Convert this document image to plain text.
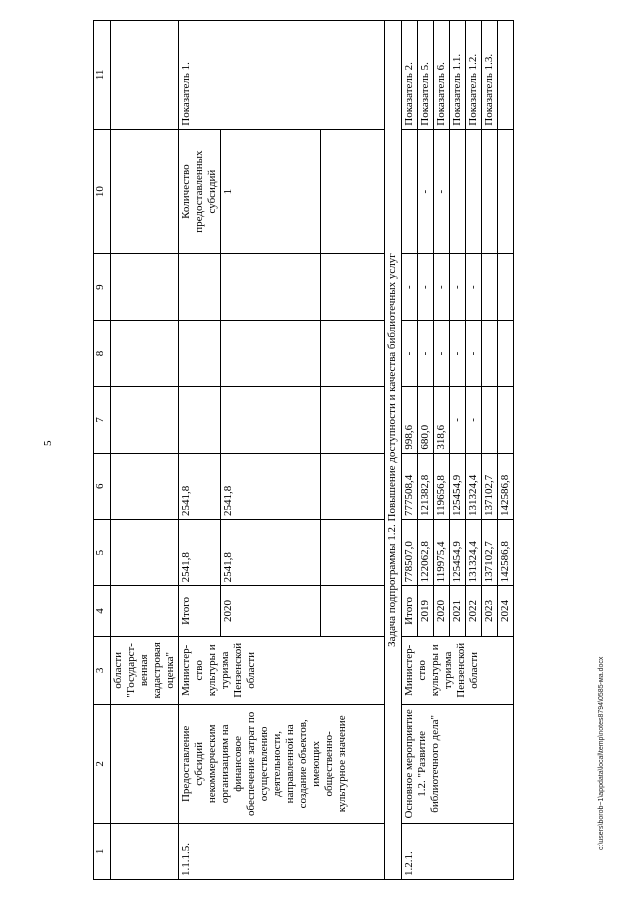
5
1	2	3	4	5	6	7	8	9	10	11
		области "Государст-венная кадастровая оценка"								
1.1.1.5.	Предоставление субсидий некоммерческим организациям на финансовое обеспечение затрат по осуществлению деятельности, направленной на создание объектов, имеющих общественно-культурное значение	Министер-ство культуры и туризма Пензенской области	Итого	2541,8	2541,8				Количество предоставленных субсидий	Показатель 1.
			2020	2541,8	2541,8				1	

Задача подпрограммы 1.2. Повышение доступности и качества библиотечных услуг										
1.2.1.	Основное мероприятие 1.2. "Развитие библиотечного дела"	Министер-ство культуры и туризма Пензенской области	Итого	778507,0	777508,4	998,6	-	-		Показатель 2.
			2019	122062,8	121382,8	680,0	-	-	-	Показатель 5.
			2020	119975,4	119656,8	318,6	-	-	-	Показатель 6.
			2021	125454,9	125454,9	-	-	-		Показатель 1.1.
			2022	131324,4	131324,4	-	-	-		Показатель 1.2.
			2023	137102,7	137102,7					Показатель 1.3.
			2024	142586,8	142586,8					
c:\users\borob~1\appdata\local\temp\notes8794\0585-ма.docx
